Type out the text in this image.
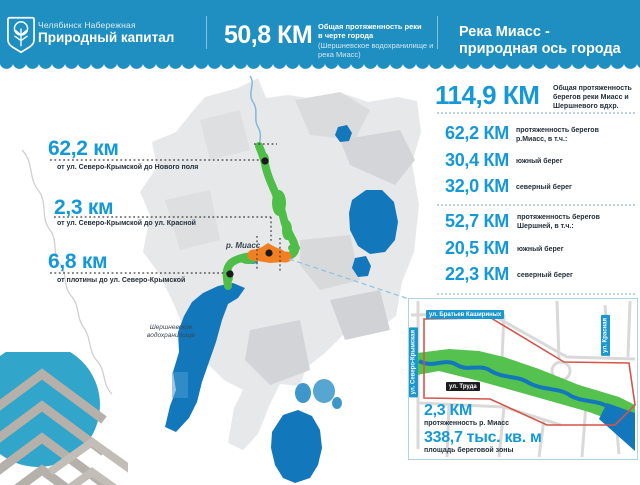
Челябинск Набережная
Природный капитал 50,8 КМ Общая протяженность реки в черте города
(Шершневское водохранилище и река Миасс)
Река Миасс -
природная ось города
62,2 км
от ул. Северо-Крымской до Нового поля
2,3 км
от ул. Северо-Крымской до ул. Красной
6,8 км
от плотины до ул. Северо-Крымской
р. Миасс
Шершневское
водохранилище
114,9 КМ Общая протяженность берегов реки Миасс и Шершневого вдхр.
62,2 КМ протяженность берегов р.Миасс, в т.ч.:
30,4 КМ южный берег
32,0 КМ северный берег
52,7 КМ протяженность берегов Шершней, в т.ч.:
20,5 КМ южный берег
22,3 КМ северный берег
ул. Братьев Кашириных
ул. Северо-Крымская	ул. Красная
ул. Труда
2,3 КМ
протяженность р. Миасс
338,7 тыс. кв. м
площадь береговой зоны
